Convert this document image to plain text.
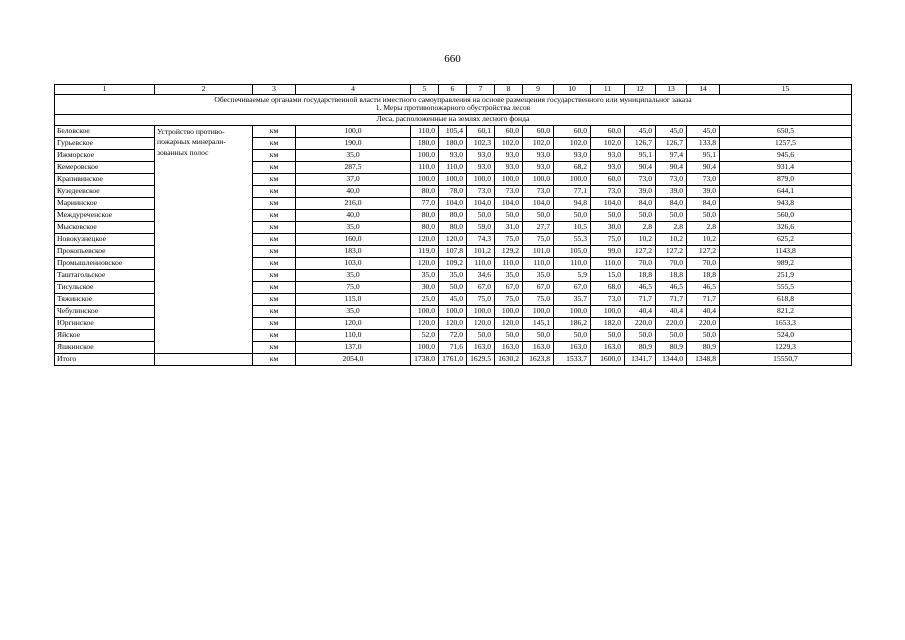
660
1	2	3	4	5	6	7	8	9	10	11	12	13	14	15

Обеспечиваемые органами государственной власти иместного самоуправления на основе размещения государственного или муниципальног заказа
1. Меры противопожарного обустройства лесов														

Леса, расположенные на землях лесного фонда														
Беловское	Устройство противо-пожарных минерали-зованных полос	км	100,0	110,0	105,4	60,1	60,0	60,0	60,0	60,0	45,0	45,0	45,0	650,5
Гурьевское		км	190,0	180,0	180,0	102,3	102,0	102,0	102,0	102,0	126,7	126,7	133,8	1257,5
Ижморское		км	35,0	100,0	93,0	93,0	93,0	93,0	93,0	93,0	95,1	97,4	95,1	945,6
Кемеровское		км	287,5	110,0	110,0	93,0	93,0	93,0	68,2	93,0	90,4	90,4	90,4	931,4
Крапивинское		км	37,0	100,0	100,0	100,0	100,0	100,0	100,0	60,0	73,0	73,0	73,0	879,0
Кузедеевское		км	40,0	80,0	78,0	73,0	73,0	73,0	77,1	73,0	39,0	39,0	39,0	644,1
Мариинское		км	216,0	77,0	104,0	104,0	104,0	104,0	94,8	104,0	84,0	84,0	84,0	943,8
Междуреченское		км	40,0	80,0	80,0	50,0	50,0	50,0	50,0	50,0	50,0	50,0	50,0	560,0
Мысковское		км	35,0	80,0	80,0	59,0	31,0	27,7	10,5	30,0	2,8	2,8	2,8	326,6
Новокузнецкое		км	160,0	120,0	120,0	74,3	75,0	75,0	55,3	75,0	10,2	10,2	10,2	625,2
Прокопьевское		км	183,0	119,0	107,8	101,2	129,2	101,0	105,0	99,0	127,2	127,2	127,2	1143,8
Промышленновское		км	103,0	120,0	109,2	110,0	110,0	110,0	110,0	110,0	70,0	70,0	70,0	989,2
Таштагольское		км	35,0	35,0	35,0	34,6	35,0	35,0	5,9	15,0	18,8	18,8	18,8	251,9
Тисульское		км	75,0	30,0	50,0	67,0	67,0	67,0	67,0	68,0	46,5	46,5	46,5	555,5
Тяжинское		км	115,0	25,0	45,0	75,0	75,0	75,0	35,7	73,0	71,7	71,7	71,7	618,8
Чебулинское		км	35,0	100,0	100,0	100,0	100,0	100,0	100,0	100,0	40,4	40,4	40,4	821,2
Юргинское		км	120,0	120,0	120,0	120,0	120,0	145,1	186,2	182,0	220,0	220,0	220,0	1653,3
Яйское		км	110,0	52,0	72,0	50,0	50,0	50,0	50,0	50,0	50,0	50,0	50,0	524,0
Яшкинское		км	137,0	100,0	71,6	163,0	163,0	163,0	163,0	163,0	80,9	80,9	80,9	1229,3
Итого		км	2054,0	1738,0	1761,0	1629,5	1630,2	1623,8	1533,7	1600,0	1341,7	1344,0	1348,8	15550,7
